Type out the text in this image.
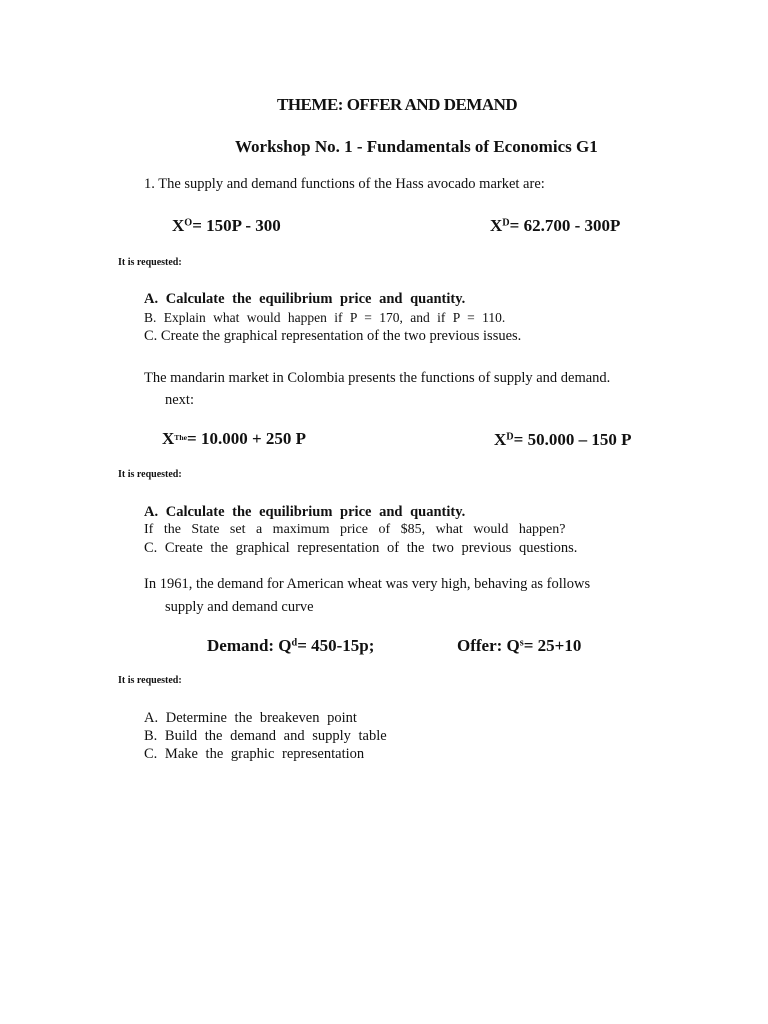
THEME: OFFER AND DEMAND
Workshop No. 1 - Fundamentals of Economics G1
1. The supply and demand functions of the Hass avocado market are:
$X^O= 150P - 300$	$X^D= 62.700 - 300P$
It is requested:
A. Calculate the equilibrium price and quantity.
B. Explain what would happen if P = 170, and if P = 110.
C. Create the graphical representation of the two previous issues.
The mandarin market in Colombia presents the functions of supply and demand.
next:
$X^{The}= 10.000 + 250$ P	$X^D= 50.000 - 150$ P
It is requested:
A. Calculate the equilibrium price and quantity.
If the State set a maximum price of $85, what would happen?
C. Create the graphical representation of the two previous questions.
In 1961, the demand for American wheat was very high, behaving as follows
supply and demand curve
Demand: $Q^d= 450-15p$;	Offer: $Q^s= 25+10$
It is requested:
A. Determine the breakeven point
B. Build the demand and supply table
C. Make the graphic representation
